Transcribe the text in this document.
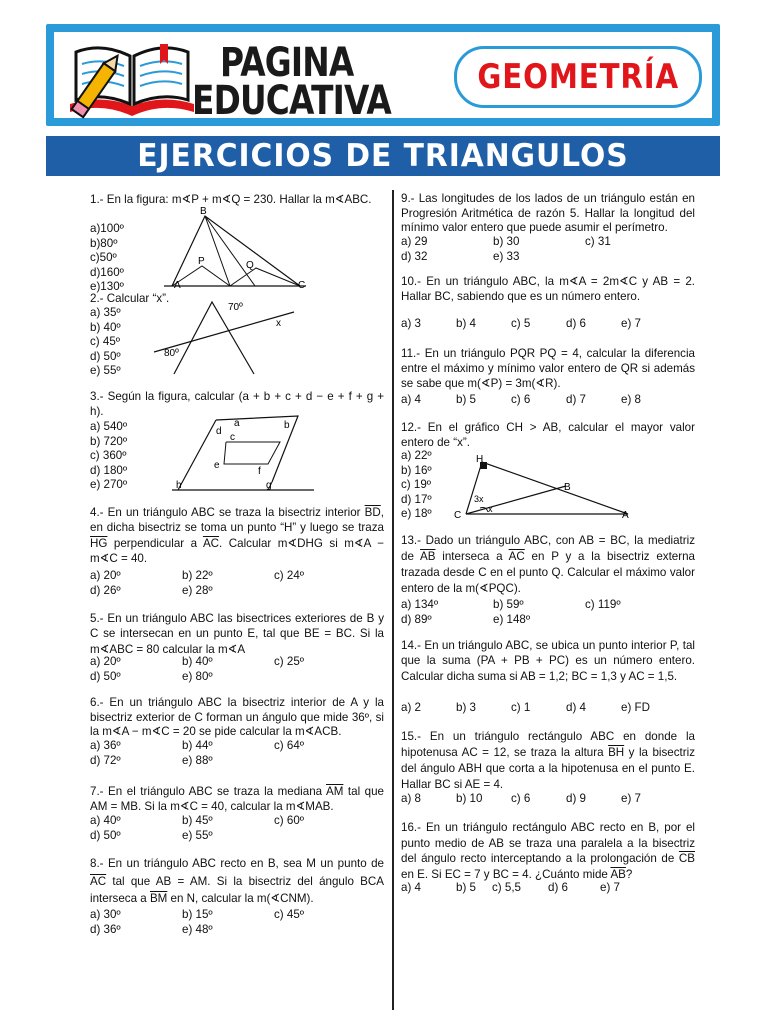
PAGINA
EDUCATIVA
GEOMETRÍA
EJERCICIOS DE TRIANGULOS
1.- En la figura: m∢P + m∢Q = 230. Hallar la m∢ABC.
a)100º
b)80º
c)50º
d)160º
e)130º
B
P	Q
A	C
2.- Calcular “x”.
a) 35º
b) 40º
c) 45º
d) 50º
e) 55º
70º
x
80º
3.- Según la figura, calcular (a + b + c + d − e + f + g + h).
a) 540º
b) 720º
c) 360º
d) 180º
e) 270º
a	b
c
d
e
f
g
h
4.- En un triángulo ABC se traza la bisectriz interior $\overline{BD}$, en dicha bisectriz se toma un punto “H” y luego se traza $\overline{HG}$ perpendicular a $\overline{AC}$. Calcular m∢DHG si m∢A − m∢C = 40.
a) 20º	b) 22º	c) 24º
d) 26º	e) 28º
5.- En un triángulo ABC las bisectrices exteriores de B y C se intersecan en un punto E, tal que BE = BC. Si la m∢ABC = 80 calcular la m∢A
a) 20º	b) 40º	c) 25º
d) 50º	e) 80º
6.- En un triángulo ABC la bisectriz interior de A y la bisectriz exterior de C forman un ángulo que mide 36º, si la m∢A − m∢C = 20 se pide calcular la m∢ACB.
a) 36º	b) 44º	c) 64º
d) 72º	e) 88º
7.- En el triángulo ABC se traza la mediana $\overline{AM}$ tal que AM = MB. Si la m∢C = 40, calcular la m∢MAB.
a) 40º	b) 45º	c) 60º
d) 50º	e) 55º
8.- En un triángulo ABC recto en B, sea M un punto de $\overline{AC}$ tal que AB = AM. Si la bisectriz del ángulo BCA interseca a $\overline{BM}$ en N, calcular la m(∢CNM).
a) 30º	b) 15º	c) 45º
d) 36º	e) 48º
9.- Las longitudes de los lados de un triángulo están en Progresión Aritmética de razón 5. Hallar la longitud del mínimo valor entero que puede asumir el perímetro.
a) 29	b) 30	c) 31
d) 32	e) 33
10.- En un triángulo ABC, la m∢A = 2m∢C y AB = 2. Hallar BC, sabiendo que es un número entero.
a) 3	b) 4	c) 5	d) 6	e) 7
11.- En un triángulo PQR PQ = 4, calcular la diferencia entre el máximo y mínimo valor entero de QR si además se sabe que m(∢P) = 3m(∢R).
a) 4	b) 5	c) 6	d) 7	e) 8
12.- En el gráfico CH > AB, calcular el mayor valor entero de “x”.
a) 22º
b) 16º
c) 19º
d) 17º
e) 18º
H
B
3x
x
C	A
13.- Dado un triángulo ABC, con AB = BC, la mediatriz de $\overline{AB}$ interseca a $\overline{AC}$ en P y a la bisectriz externa trazada desde C en el punto Q. Calcular el máximo valor entero de la m(∢PQC).
a) 134º	b) 59º	c) 119º
d) 89º	e) 148º
14.- En un triángulo ABC, se ubica un punto interior P, tal que la suma (PA + PB + PC) es un número entero. Calcular dicha suma si AB = 1,2; BC = 1,3 y AC = 1,5.
a) 2	b) 3	c) 1	d) 4	e) FD
15.- En un triángulo rectángulo ABC en donde la hipotenusa AC = 12, se traza la altura $\overline{BH}$ y la bisectriz del ángulo ABH que corta a la hipotenusa en el punto E. Hallar BC si AE = 4.
a) 8	b) 10	c) 6	d) 9	e) 7
16.- En un triángulo rectángulo ABC recto en B, por el punto medio de AB se traza una paralela a la bisectriz del ángulo recto interceptando a la prolongación de $\overline{CB}$ en E. Si EC = 7 y BC = 4. ¿Cuánto mide $\overline{AB}$?
a) 4	b) 5	c) 5,5	d) 6	e) 7
